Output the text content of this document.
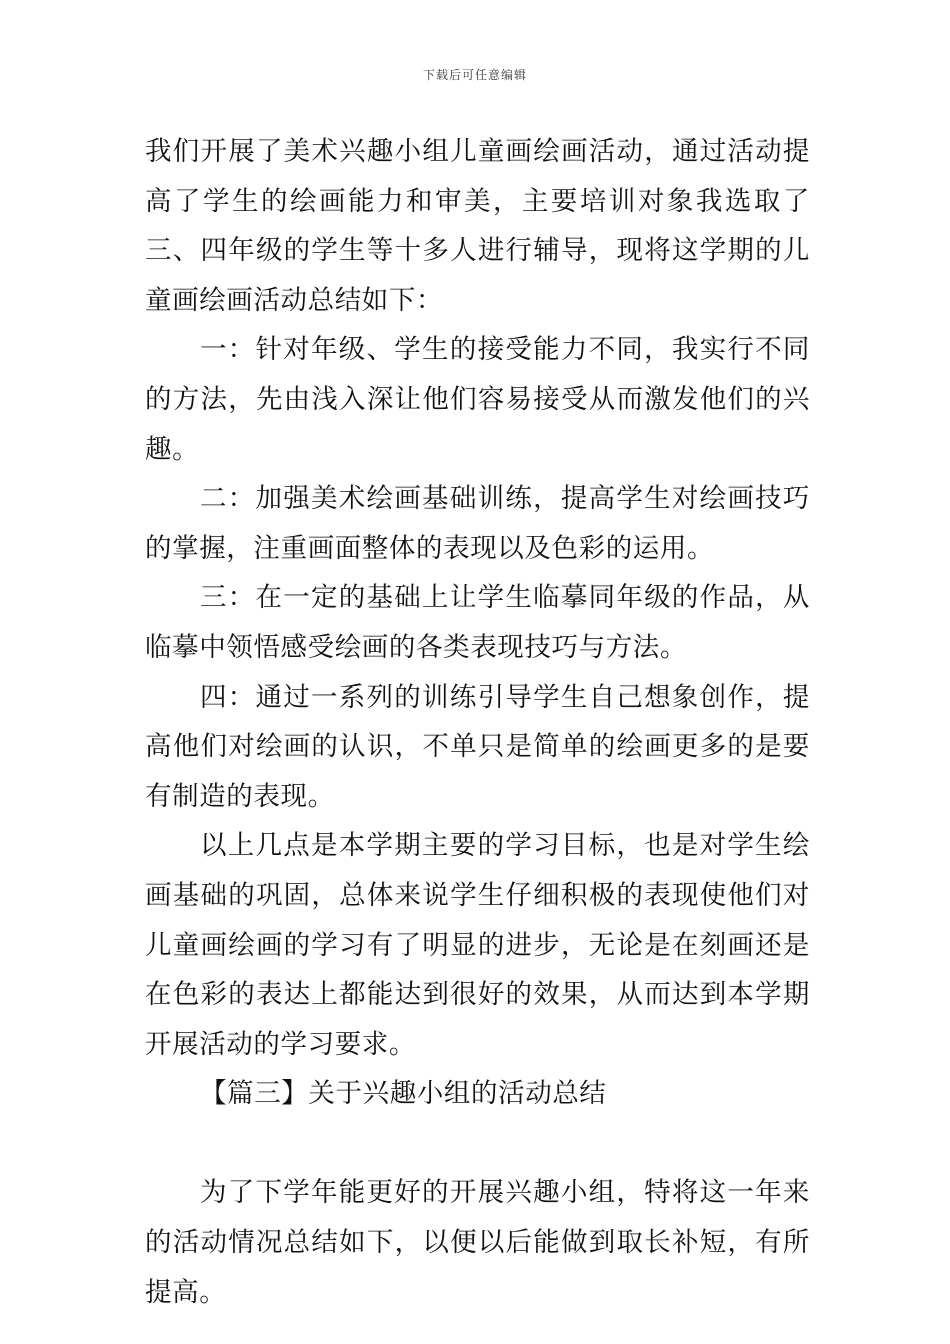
下载后可任意编辑

我们开展了美术兴趣小组儿童画绘画活动，通过活动提高了学生的绘画能力和审美，主要培训对象我选取了三、四年级的学生等十多人进行辅导，现将这学期的儿童画绘画活动总结如下：

一：针对年级、学生的接受能力不同，我实行不同的方法，先由浅入深让他们容易接受从而激发他们的兴趣。

二：加强美术绘画基础训练，提高学生对绘画技巧的掌握，注重画面整体的表现以及色彩的运用。

三：在一定的基础上让学生临摹同年级的作品，从临摹中领悟感受绘画的各类表现技巧与方法。

四：通过一系列的训练引导学生自己想象创作，提高他们对绘画的认识，不单只是简单的绘画更多的是要有制造的表现。

以上几点是本学期主要的学习目标，也是对学生绘画基础的巩固，总体来说学生仔细积极的表现使他们对儿童画绘画的学习有了明显的进步，无论是在刻画还是在色彩的表达上都能达到很好的效果，从而达到本学期开展活动的学习要求。

【篇三】关于兴趣小组的活动总结

为了下学年能更好的开展兴趣小组，特将这一年来的活动情况总结如下，以便以后能做到取长补短，有所提高。
